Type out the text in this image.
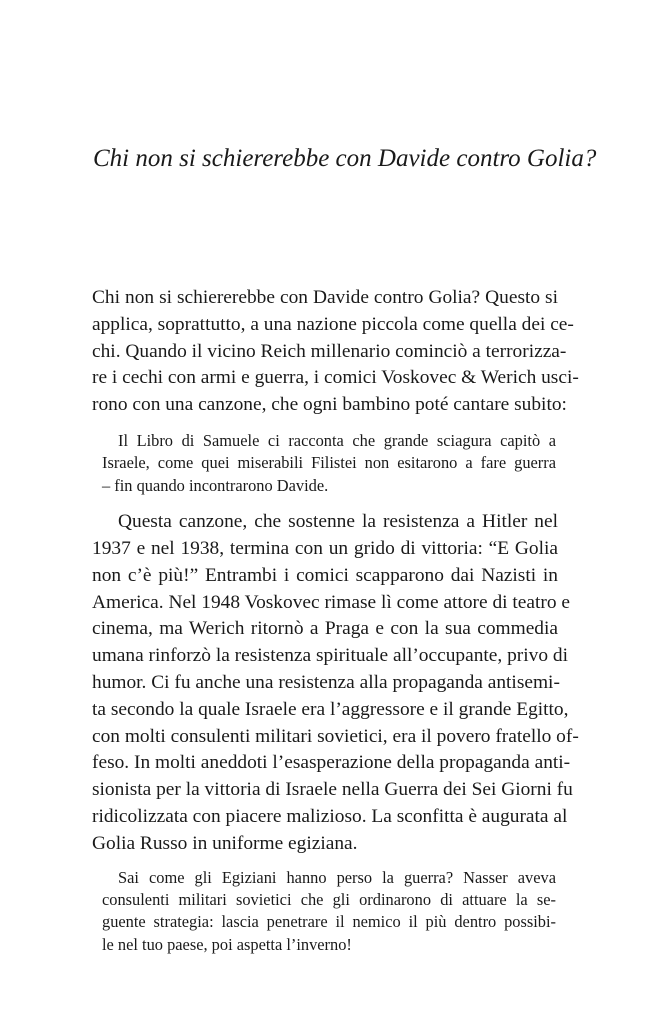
Chi non si schiererebbe con Davide contro Golia?

Chi non si schiererebbe con Davide contro Golia? Questo si
applica, soprattutto, a una nazione piccola come quella dei ce-
chi. Quando il vicino Reich millenario cominciò a terrorizza-
re i cechi con armi e guerra, i comici Voskovec & Werich usci-
rono con una canzone, che ogni bambino poté cantare subito:

Il Libro di Samuele ci racconta che grande sciagura capitò a
Israele, come quei miserabili Filistei non esitarono a fare guerra
– fin quando incontrarono Davide.

Questa canzone, che sostenne la resistenza a Hitler nel
1937 e nel 1938, termina con un grido di vittoria: “E Golia
non c’è più!” Entrambi i comici scapparono dai Nazisti in
America. Nel 1948 Voskovec rimase lì come attore di teatro e
cinema, ma Werich ritornò a Praga e con la sua commedia
umana rinforzò la resistenza spirituale all’occupante, privo di
humor. Ci fu anche una resistenza alla propaganda antisemi-
ta secondo la quale Israele era l’aggressore e il grande Egitto,
con molti consulenti militari sovietici, era il povero fratello of-
feso. In molti aneddoti l’esasperazione della propaganda anti-
sionista per la vittoria di Israele nella Guerra dei Sei Giorni fu
ridicolizzata con piacere malizioso. La sconfitta è augurata al
Golia Russo in uniforme egiziana.

Sai come gli Egiziani hanno perso la guerra? Nasser aveva
consulenti militari sovietici che gli ordinarono di attuare la se-
guente strategia: lascia penetrare il nemico il più dentro possibi-
le nel tuo paese, poi aspetta l’inverno!
